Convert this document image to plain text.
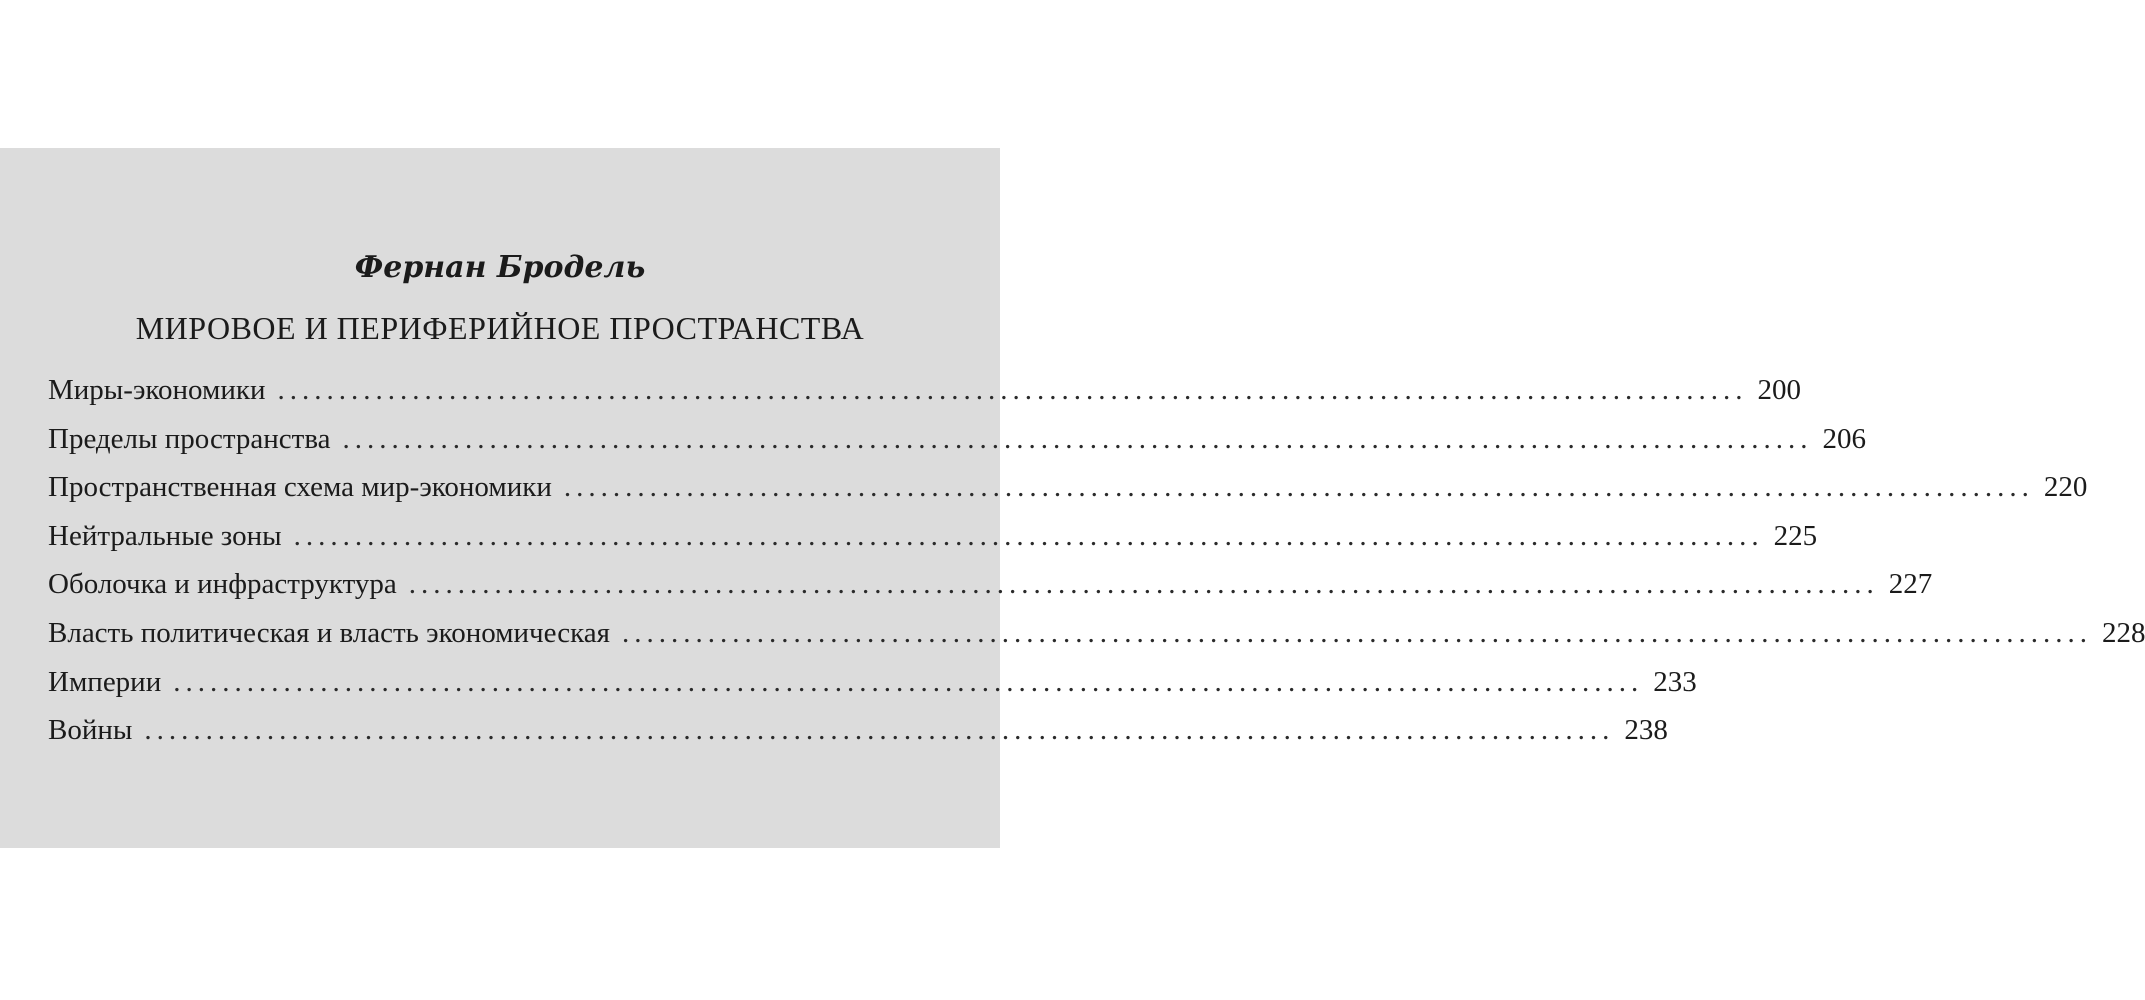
Фернан Бродель
МИРОВОЕ И ПЕРИФЕРИЙНОЕ ПРОСТРАНСТВА
Миры-экономики ........................................................................................................................ 200
Пределы пространства ........................................................................................................................ 206
Пространственная схема мир-экономики ........................................................................................................................ 220
Нейтральные зоны ........................................................................................................................ 225
Оболочка и инфраструктура ........................................................................................................................ 227
Власть политическая и власть экономическая ........................................................................................................................ 228
Империи ........................................................................................................................ 233
Войны ........................................................................................................................ 238
